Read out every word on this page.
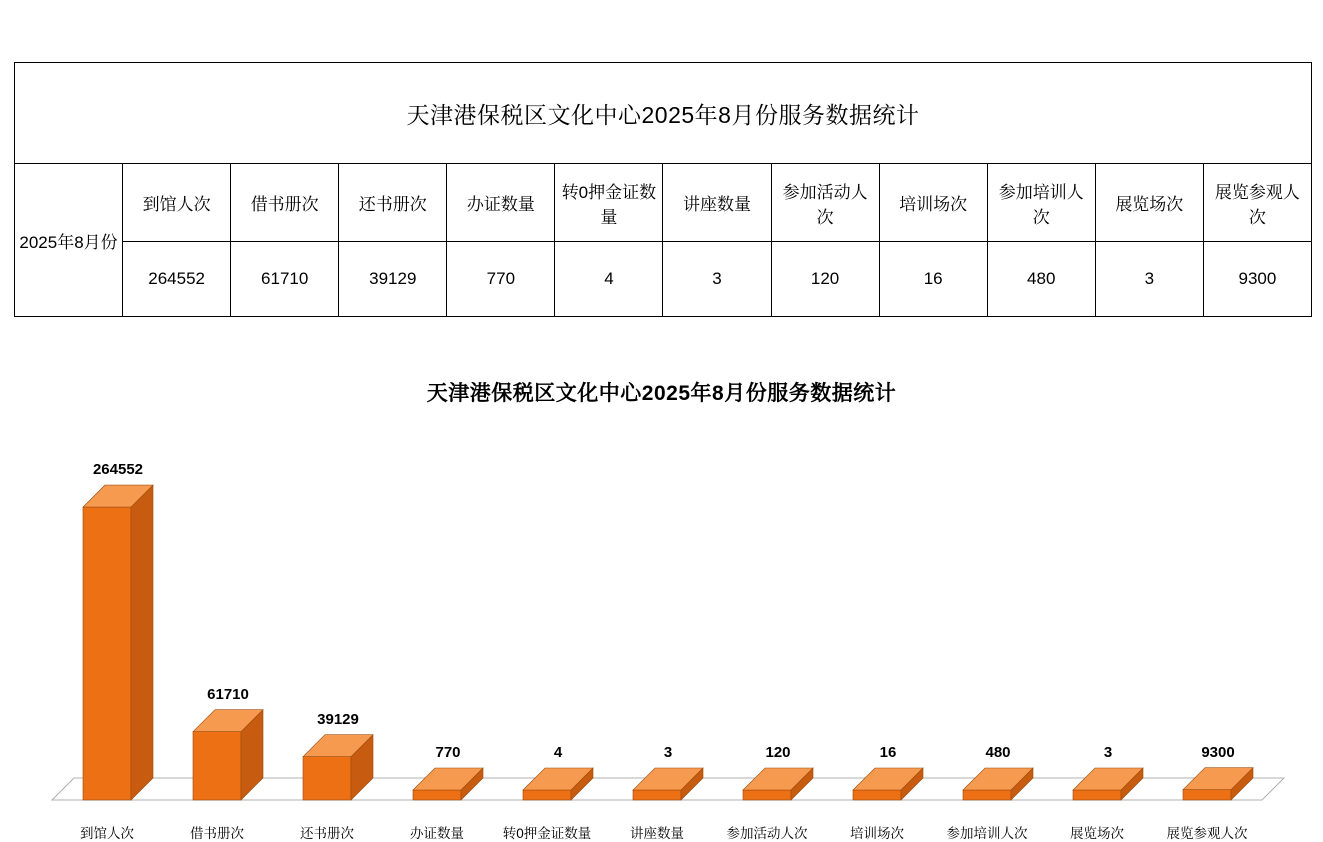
天津港保税区文化中心2025年8月份服务数据统计											
2025年8月份	到馆人次	借书册次	还书册次	办证数量	转0押金证数量	讲座数量	参加活动人次	培训场次	参加培训人次	展览场次	展览参观人次
	264552	61710	39129	770	4	3	120	16	480	3	9300
天津港保税区文化中心2025年8月份服务数据统计
264552
到馆人次
61710
借书册次
39129
还书册次
770
办证数量
4
转0押金证数量
3
讲座数量
120
参加活动人次
16
培训场次
480
参加培训人次
3
展览场次
9300
展览参观人次
